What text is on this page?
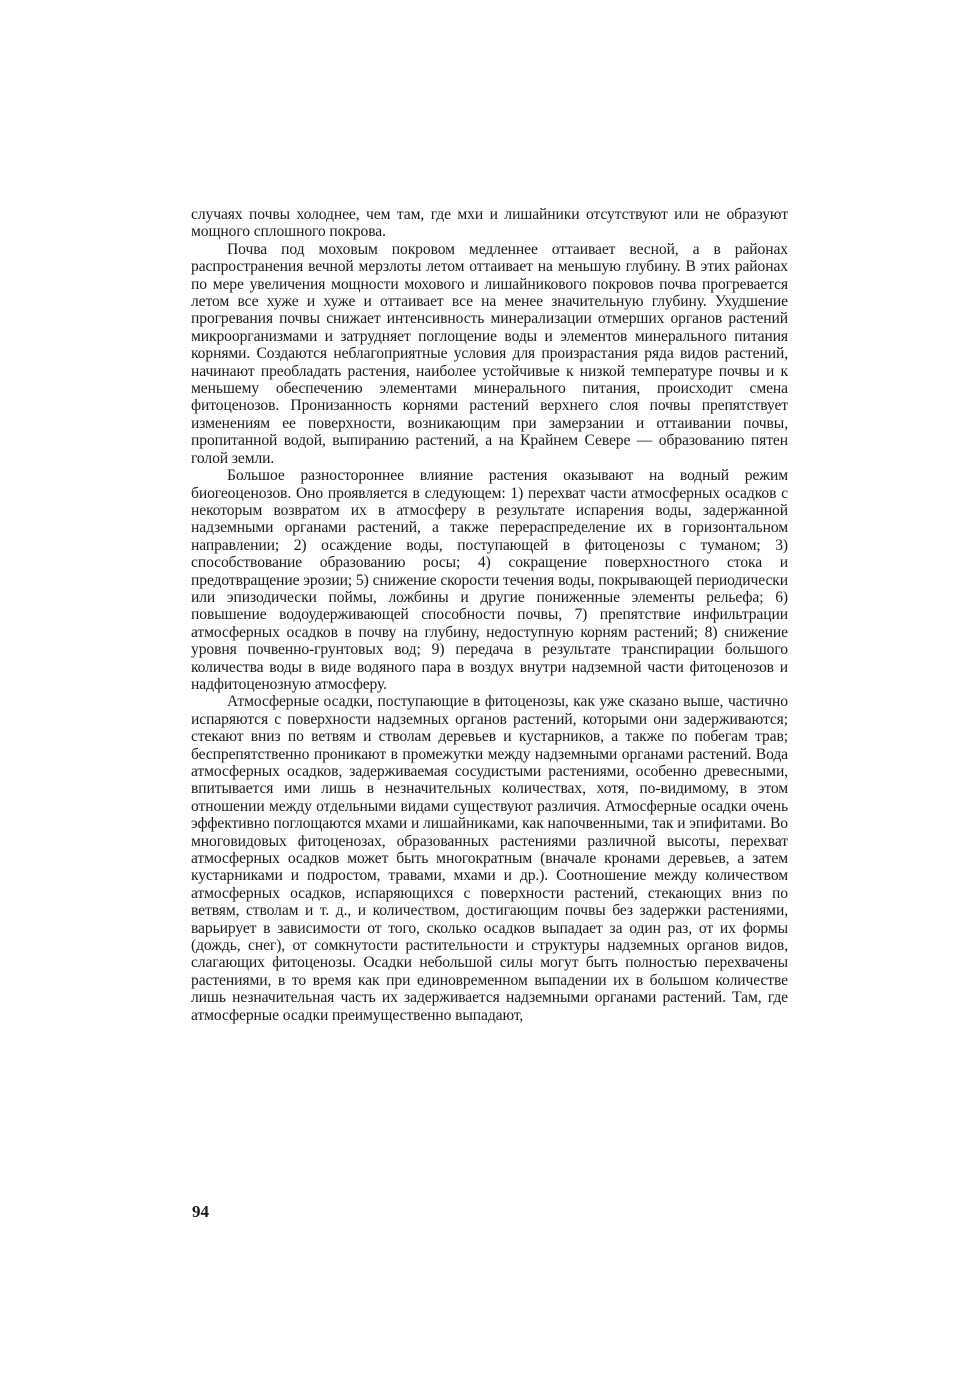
случаях почвы холоднее, чем там, где мхи и лишайники отсутствуют или не образуют мощного сплошного покрова.

Почва под моховым покровом медленнее оттаивает весной, а в районах распространения вечной мерзлоты летом оттаивает на меньшую глубину. В этих районах по мере увеличения мощности мохового и лишайникового покровов почва прогревается летом все хуже и хуже и оттаивает все на менее значительную глубину. Ухудшение прогревания почвы снижает интенсивность минерализации отмерших органов растений микроорганизмами и затрудняет поглощение воды и элементов минерального питания корнями. Создаются неблагоприятные условия для произрастания ряда видов растений, начинают преобладать растения, наиболее устойчивые к низкой температуре почвы и к меньшему обеспечению элементами минерального питания, происходит смена фитоценозов. Пронизанность корнями растений верхнего слоя почвы препятствует изменениям ее поверхности, возникающим при замерзании и оттаивании почвы, пропитанной водой, выпиранию растений, а на Крайнем Севере — образованию пятен голой земли.

Большое разностороннее влияние растения оказывают на водный режим биогеоценозов. Оно проявляется в следующем: 1) перехват части атмосферных осадков с некоторым возвратом их в атмосферу в результате испарения воды, задержанной надземными органами растений, а также перераспределение их в горизонтальном направлении; 2) осаждение воды, поступающей в фитоценозы с туманом; 3) способствование образованию росы; 4) сокращение поверхностного стока и предотвращение эрозии; 5) снижение скорости течения воды, покрывающей периодически или эпизодически поймы, ложбины и другие пониженные элементы рельефа; 6) повышение водоудерживающей способности почвы, 7) препятствие инфильтрации атмосферных осадков в почву на глубину, недоступную корням растений; 8) снижение уровня почвенно-грунтовых вод; 9) передача в результате транспирации большого количества воды в виде водяного пара в воздух внутри надземной части фитоценозов и надфитоценозную атмосферу.

Атмосферные осадки, поступающие в фитоценозы, как уже сказано выше, частично испаряются с поверхности надземных органов растений, которыми они задерживаются; стекают вниз по ветвям и стволам деревьев и кустарников, а также по побегам трав; беспрепятственно проникают в промежутки между надземными органами растений. Вода атмосферных осадков, задерживаемая сосудистыми растениями, особенно древесными, впитывается ими лишь в незначительных количествах, хотя, по-видимому, в этом отношении между отдельными видами существуют различия. Атмосферные осадки очень эффективно поглощаются мхами и лишайниками, как напочвенными, так и эпифитами. Во многовидовых фитоценозах, образованных растениями различной высоты, перехват атмосферных осадков может быть многократным (вначале кронами деревьев, а затем кустарниками и подростом, травами, мхами и др.). Соотношение между количеством атмосферных осадков, испаряющихся с поверхности растений, стекающих вниз по ветвям, стволам и т. д., и количеством, достигающим почвы без задержки растениями, варьирует в зависимости от того, сколько осадков выпадает за один раз, от их формы (дождь, снег), от сомкнутости растительности и структуры надземных органов видов, слагающих фитоценозы. Осадки небольшой силы могут быть полностью перехвачены растениями, в то время как при единовременном выпадении их в большом количестве лишь незначительная часть их задерживается надземными органами растений. Там, где атмосферные осадки преимущественно выпадают,

94
